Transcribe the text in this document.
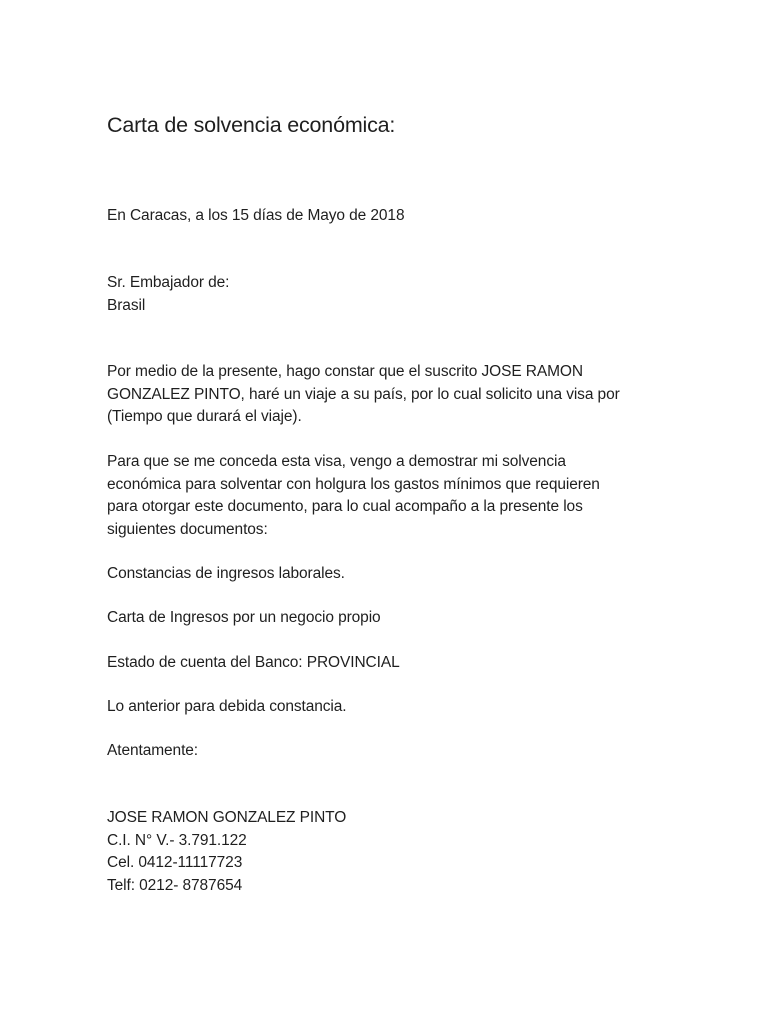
Carta de solvencia económica:
En Caracas, a los 15 días de Mayo de 2018
Sr. Embajador de:
Brasil
Por medio de la presente, hago constar que el suscrito JOSE RAMON
GONZALEZ PINTO, haré un viaje a su país, por lo cual solicito una visa por
(Tiempo que durará el viaje).
Para que se me conceda esta visa, vengo a demostrar mi solvencia
económica para solventar con holgura los gastos mínimos que requieren
para otorgar este documento, para lo cual acompaño a la presente los
siguientes documentos:
Constancias de ingresos laborales.
Carta de Ingresos por un negocio propio
Estado de cuenta del Banco: PROVINCIAL
Lo anterior para debida constancia.
Atentamente:
JOSE RAMON GONZALEZ PINTO
C.I. N° V.- 3.791.122
Cel. 0412-11117723
Telf: 0212- 8787654
